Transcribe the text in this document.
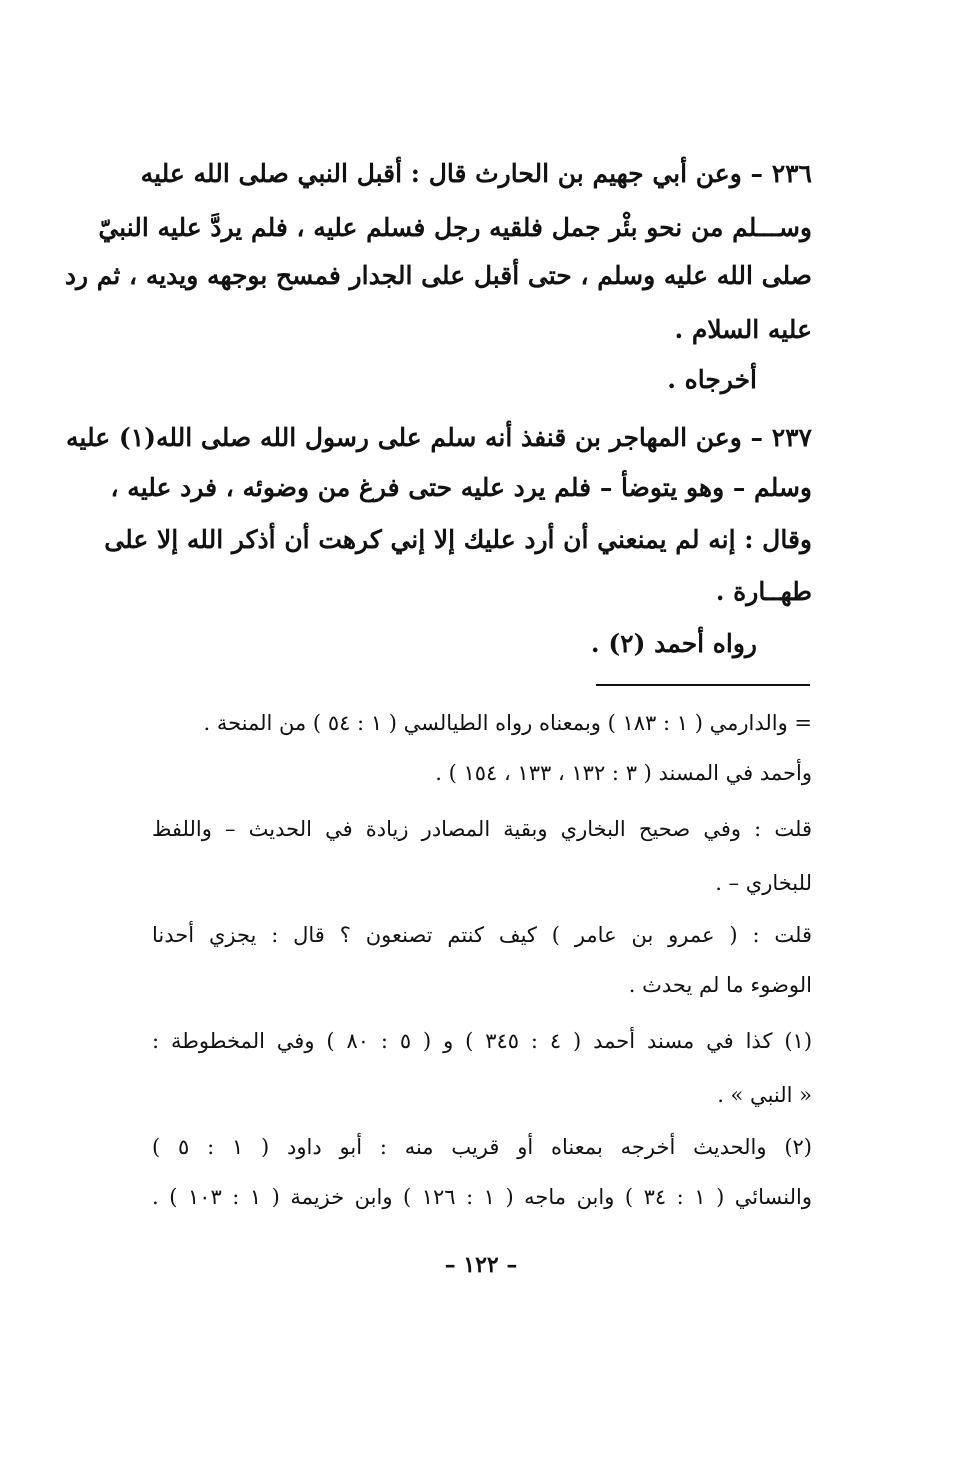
٢٣٦ – وعن أبي جهيم بن الحارث قال : أقبل النبي صلى الله عليه
وســـلم من نحو بئْر جمل فلقيه رجل فسلم عليه ، فلم يردَّ عليه النبيّ
صلى الله عليه وسلم ، حتى أقبل على الجدار فمسح بوجهه ويديه ، ثم رد
عليه السلام .
أخرجاه .
٢٣٧ – وعن المهاجر بن قنفذ أنه سلم على رسول الله صلى الله(١) عليه
وسلم – وهو يتوضأ – فلم يرد عليه حتى فرغ من وضوئه ، فرد عليه ،
وقال : إنه لم يمنعني أن أرد عليك إلا إني كرهت أن أذكر الله إلا على
طهــارة .
رواه أحمد (٢) .
= والدارمي ( ١ : ١٨٣ ) وبمعناه رواه الطيالسي ( ١ : ٥٤ ) من المنحة .
وأحمد في المسند ( ٣ : ١٣٢ ، ١٣٣ ، ١٥٤ ) .
قلت : وفي صحيح البخاري وبقية المصادر زيادة في الحديث – واللفظ
للبخاري – .
قلت : ( عمرو بن عامر ) كيف كنتم تصنعون ؟ قال : يجزي أحدنا
الوضوء ما لم يحدث .
(١) كذا في مسند أحمد ( ٤ : ٣٤٥ ) و ( ٥ : ٨٠ ) وفي المخطوطة :
« النبي » .
(٢) والحديث أخرجه بمعناه أو قريب منه : أبو داود ( ١ : ٥ )
والنسائي ( ١ : ٣٤ ) وابن ماجه ( ١ : ١٢٦ ) وابن خزيمة ( ١ : ١٠٣ ) .
– ١٢٢ –
